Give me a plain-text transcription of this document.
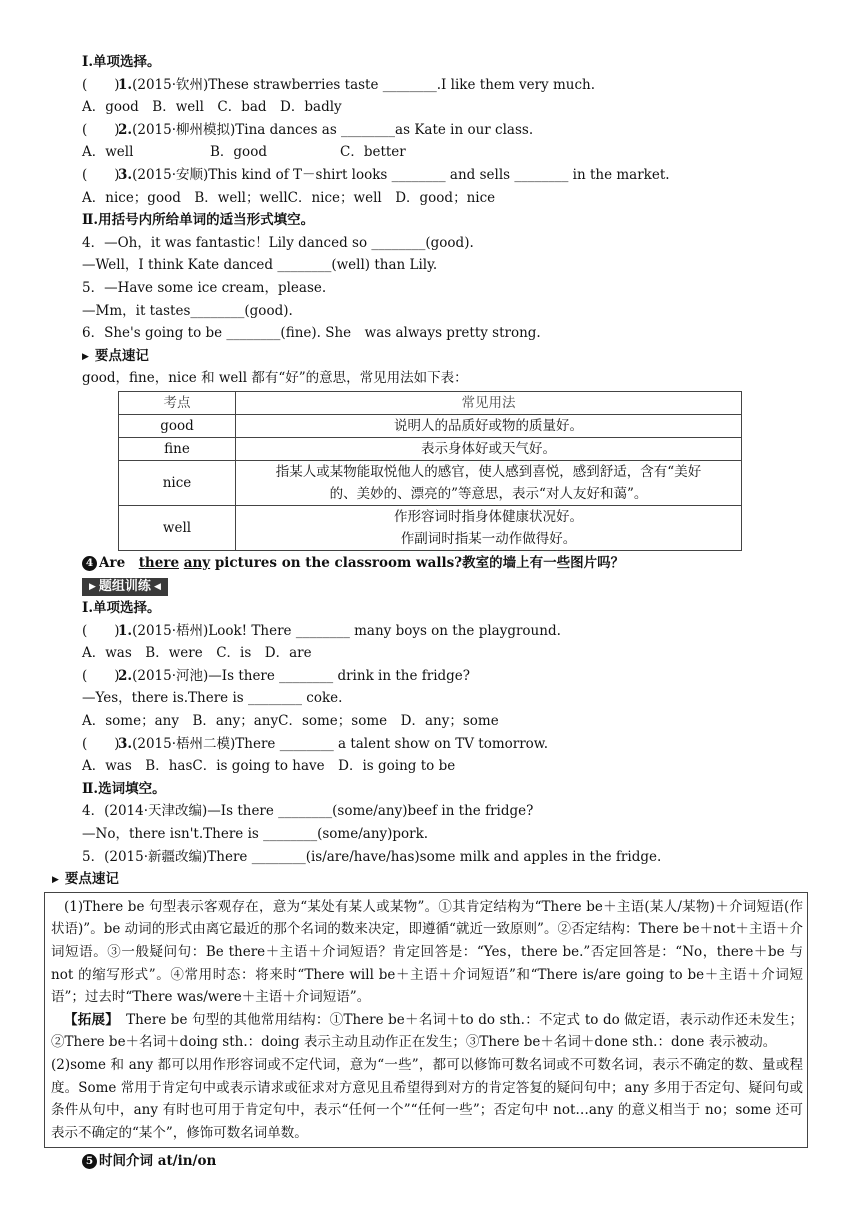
Ⅰ.单项选择。
(　　)1.(2015·钦州)These strawberries taste ________.I like them very much.
A．good　B．well　C．bad　D．badly
(　　)2.(2015·柳州模拟)Tina dances as ________as Kate in our class.
A．well	B．good	C．better
(　　)3.(2015·安顺)This kind of T－shirt looks ________ and sells ________ in the market.
A．nice；good　B．well；wellC．nice；well　D．good；nice
Ⅱ.用括号内所给单词的适当形式填空。
4．—Oh，it was fantastic！Lily danced so ________(good).
—Well，I think Kate danced ________(well) than Lily.
5．—Have some ice cream，please.
—Mm，it tastes________(good).
6．She's going to be ________(fine). She　was always pretty strong.
▶ 要点速记
good，fine，nice 和 well 都有“好”的意思，常见用法如下表：
考点	常见用法
good	说明人的品质好或物的质量好。
fine	表示身体好或天气好。
nice	指某人或某物能取悦他人的感官，使人感到喜悦，感到舒适，含有“美好
的、美妙的、漂亮的”等意思，表示“对人友好和蔼”。

well	作形容词时指身体健康状况好。
作副词时指某一动作做得好。
4 Are　 there any pictures on the classroom walls?教室的墙上有一些图片吗？
▶ 题组训练 ◀
Ⅰ.单项选择。
(　　)1.(2015·梧州)Look! There ________ many boys on the playground.
A．was　B．were　C．is　D．are
(　　)2.(2015·河池)—Is there ________ drink in the fridge?
—Yes，there is.There is ________ coke.
A．some；any　B．any；anyC．some；some　D．any；some
(　　)3.(2015·梧州二模)There ________ a talent show on TV tomorrow.
A．was　B．hasC．is going to have　D．is going to be
Ⅱ.选词填空。
4．(2014·天津改编)—Is there ________(some/any)beef in the fridge?
—No，there isn't.There is ________(some/any)pork.
5．(2015·新疆改编)There ________(is/are/have/has)some milk and apples in the fridge.
▶ 要点速记

(1)There be 句型表示客观存在，意为“某处有某人或某物”。①其肯定结构为“There be＋主语(某人/某物)＋介词短语(作状语)”。be 动词的形式由离它最近的那个名词的数来决定，即遵循“就近一致原则”。②否定结构：There be＋not＋主语＋介词短语。③一般疑问句：Be there＋主语＋介词短语？肯定回答是：“Yes，there be.”否定回答是：“No，there＋be 与 not 的缩写形式”。④常用时态：将来时“There will be＋主语＋介词短语”和“There is/are going to be＋主语＋介词短语”；过去时“There was/were＋主语＋介词短语”。

【拓展】　There be 句型的其他常用结构：①There be＋名词＋to do sth.：不定式 to do 做定语，表示动作还未发生；②There be＋名词＋doing sth.：doing 表示主动且动作正在发生；③There be＋名词＋done sth.：done 表示被动。

(2)some 和 any 都可以用作形容词或不定代词，意为“一些”，都可以修饰可数名词或不可数名词，表示不确定的数、量或程度。Some 常用于肯定句中或表示请求或征求对方意见且希望得到对方的肯定答复的疑问句中；any 多用于否定句、疑问句或条件从句中，any 有时也可用于肯定句中，表示“任何一个”“任何一些”；否定句中 not…any 的意义相当于 no；some 还可表示不确定的“某个”，修饰可数名词单数。

5 时间介词 at/in/on
